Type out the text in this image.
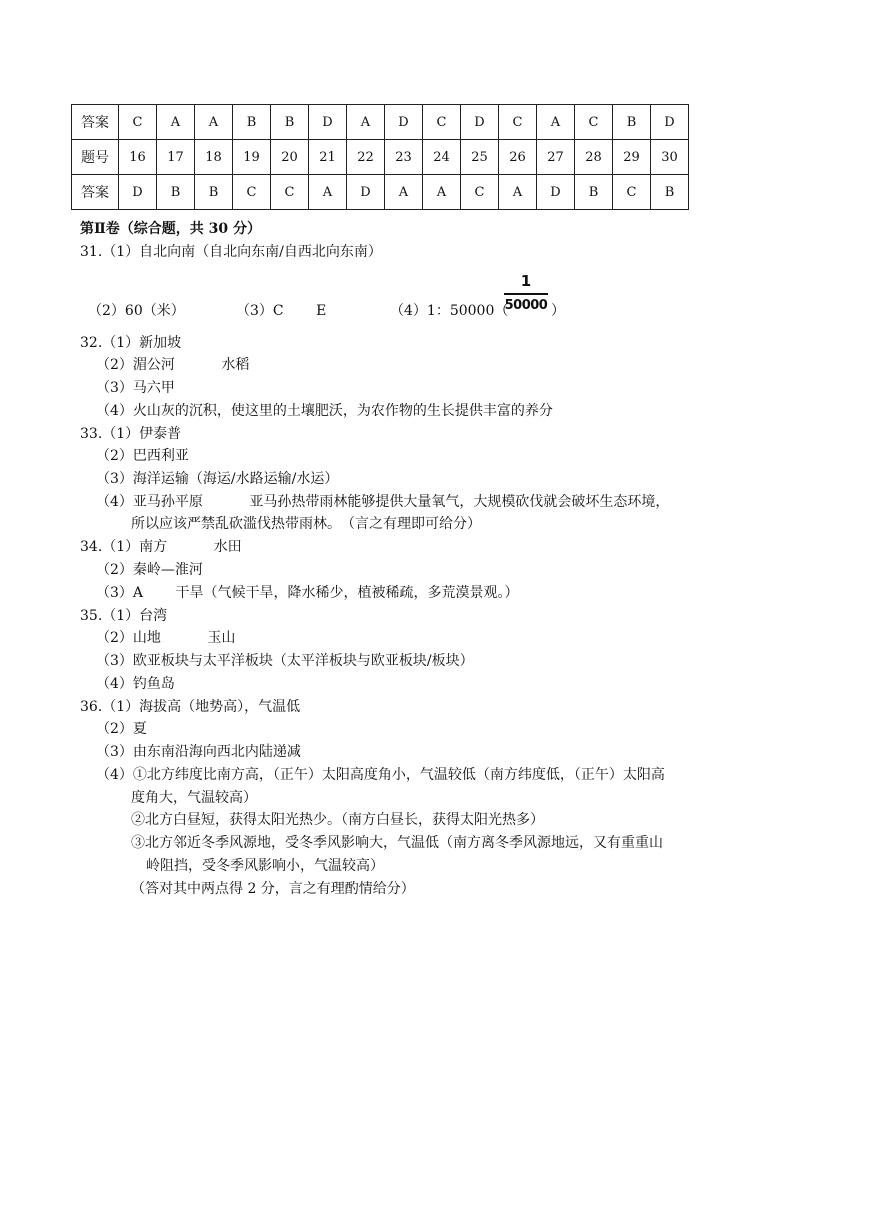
答案	C	A	A	B	B	D	A	D	C	D	C	A	C	B	D
题号	16	17	18	19	20	21	22	23	24	25	26	27	28	29	30
答案	D	B	B	C	C	A	D	A	A	C	A	D	B	C	B
第Ⅱ卷（综合题，共 30 分）
31.（1）自北向南（自北向东南/自西北向东南）
（2）60（米）	（3）C　　 E	（4）1：50000（
1
50000 ）
32.（1）新加坡
（2）湄公河　　　 水稻
（3）马六甲
（4）火山灰的沉积，使这里的土壤肥沃，为农作物的生长提供丰富的养分
33.（1）伊泰普
（2）巴西利亚
（3）海洋运输（海运/水路运输/水运）
（4）亚马孙平原　　　 亚马孙热带雨林能够提供大量氧气，大规模砍伐就会破坏生态环境，
所以应该严禁乱砍滥伐热带雨林。　（言之有理即可给分）
34.（1）南方　　　 水田
（2）秦岭—淮河
（3）A　　 干旱（气候干旱，降水稀少，植被稀疏，多荒漠景观。）
35.（1）台湾
（2）山地　　　 玉山
（3）欧亚板块与太平洋板块（太平洋板块与欧亚板块/板块）
（4）钓鱼岛
36.（1）海拔高（地势高），气温低
（2）夏
（3）由东南沿海向西北内陆递减
（4）①北方纬度比南方高，（正午）太阳高度角小，气温较低（南方纬度低，（正午）太阳高
度角大，气温较高）
②北方白昼短，获得太阳光热少。（南方白昼长，获得太阳光热多）
③北方邻近冬季风源地，受冬季风影响大，气温低（南方离冬季风源地远，又有重重山
岭阻挡，受冬季风影响小，气温较高）
（答对其中两点得 2 分，言之有理酌情给分）
